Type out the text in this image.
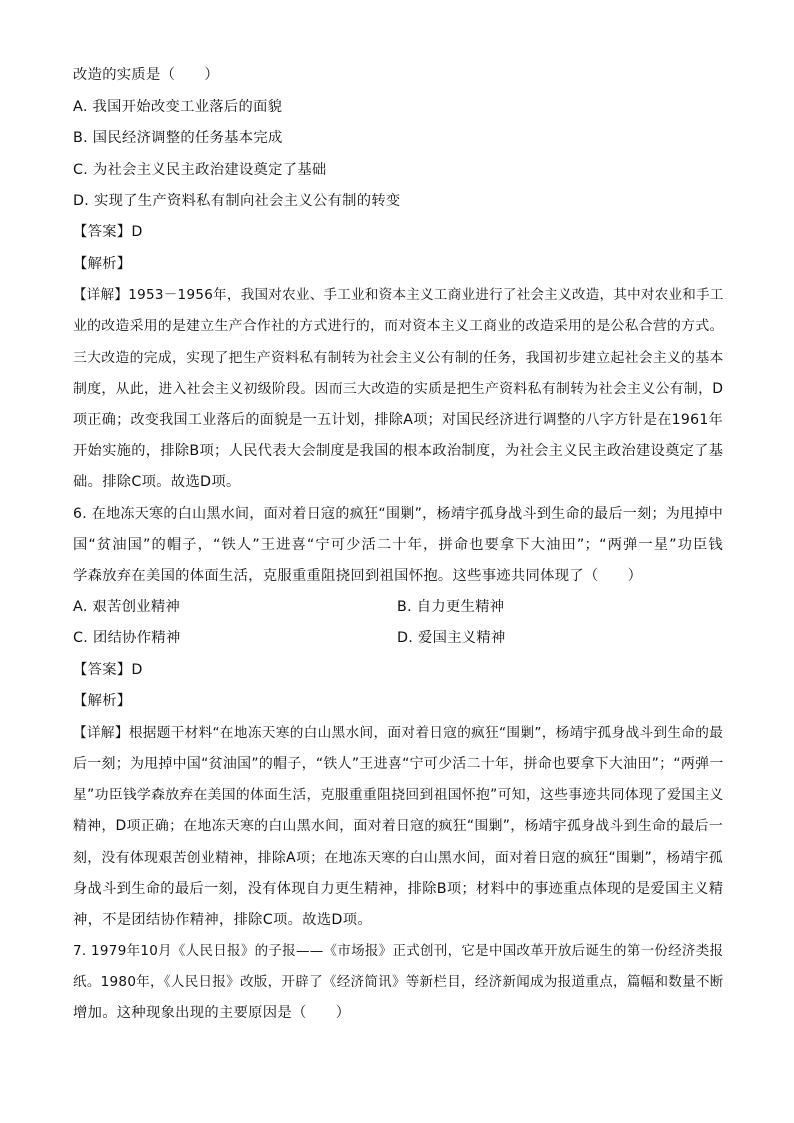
改造的实质是（　　）
A. 我国开始改变工业落后的面貌
B. 国民经济调整的任务基本完成
C. 为社会主义民主政治建设奠定了基础
D. 实现了生产资料私有制向社会主义公有制的转变
【答案】D
【解析】
【详解】1953－1956年，我国对农业、手工业和资本主义工商业进行了社会主义改造，其中对农业和手工
业的改造采用的是建立生产合作社的方式进行的，而对资本主义工商业的改造采用的是公私合营的方式。
三大改造的完成，实现了把生产资料私有制转为社会主义公有制的任务，我国初步建立起社会主义的基本
制度，从此，进入社会主义初级阶段。因而三大改造的实质是把生产资料私有制转为社会主义公有制，D
项正确；改变我国工业落后的面貌是一五计划，排除A项；对国民经济进行调整的八字方针是在1961年
开始实施的，排除B项；人民代表大会制度是我国的根本政治制度，为社会主义民主政治建设奠定了基
础。排除C项。故选D项。
6. 在地冻天寒的白山黑水间，面对着日寇的疯狂“围剿”，杨靖宇孤身战斗到生命的最后一刻；为甩掉中
国“贫油国”的帽子，“铁人”王进喜“宁可少活二十年，拼命也要拿下大油田”；“两弹一星”功臣钱
学森放弃在美国的体面生活，克服重重阻挠回到祖国怀抱。这些事迹共同体现了（　　）
A. 艰苦创业精神	B. 自力更生精神
C. 团结协作精神	D. 爱国主义精神
【答案】D
【解析】
【详解】根据题干材料“在地冻天寒的白山黑水间，面对着日寇的疯狂“围剿”，杨靖宇孤身战斗到生命的最
后一刻；为甩掉中国“贫油国”的帽子，“铁人”王进喜“宁可少活二十年，拼命也要拿下大油田”；“两弹一
星”功臣钱学森放弃在美国的体面生活，克服重重阻挠回到祖国怀抱”可知，这些事迹共同体现了爱国主义
精神，D项正确；在地冻天寒的白山黑水间，面对着日寇的疯狂“围剿”，杨靖宇孤身战斗到生命的最后一
刻，没有体现艰苦创业精神，排除A项；在地冻天寒的白山黑水间，面对着日寇的疯狂“围剿”，杨靖宇孤
身战斗到生命的最后一刻，没有体现自力更生精神，排除B项；材料中的事迹重点体现的是爱国主义精
神，不是团结协作精神，排除C项。故选D项。
7. 1979年10月《人民日报》的子报——《市场报》正式创刊，它是中国改革开放后诞生的第一份经济类报
纸。1980年，《人民日报》改版，开辟了《经济简讯》等新栏目，经济新闻成为报道重点，篇幅和数量不断
增加。这种现象出现的主要原因是（　　）
